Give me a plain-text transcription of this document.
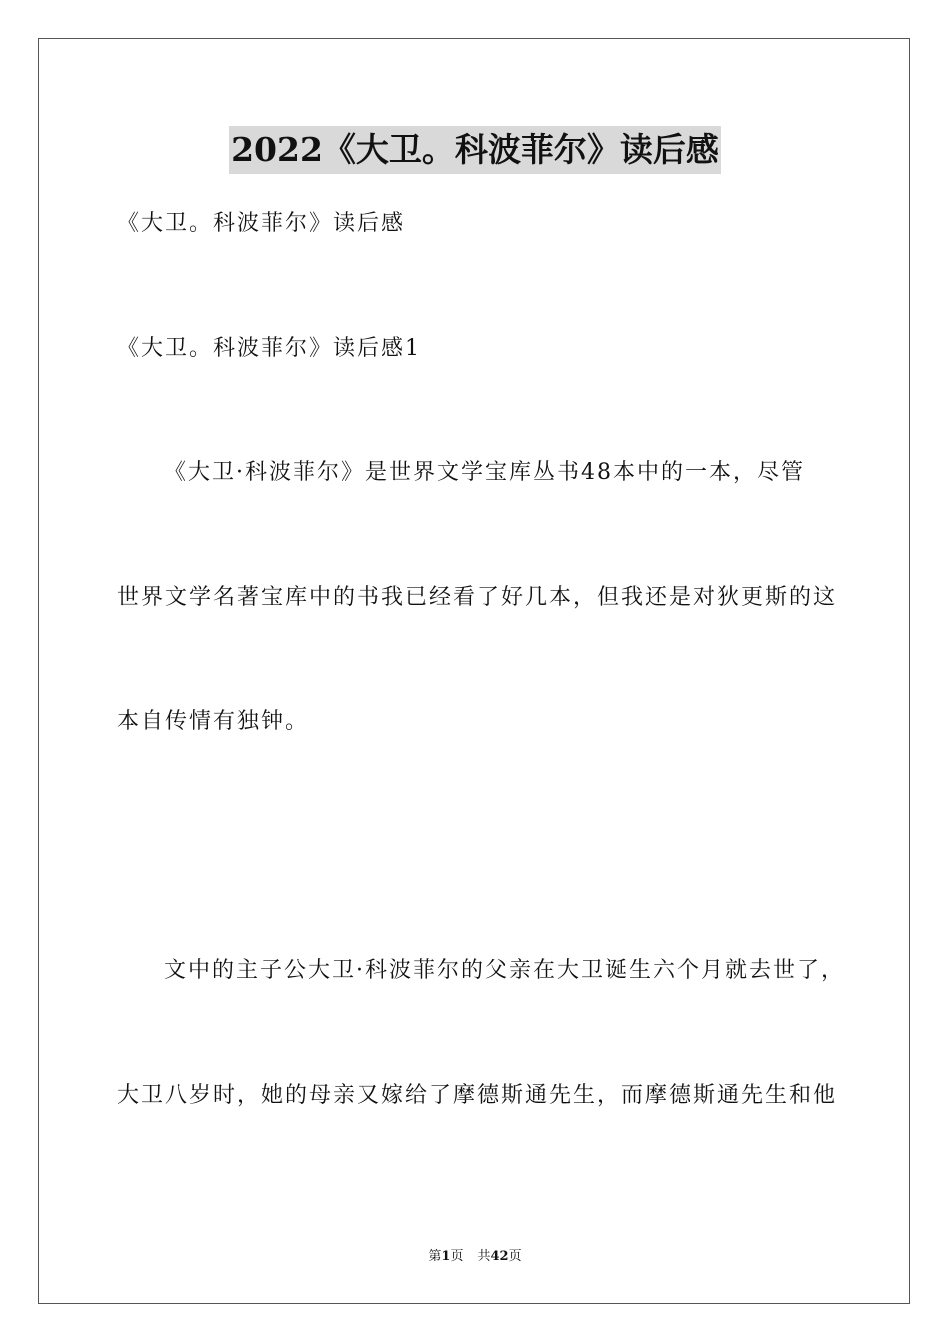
2022《大卫。科波菲尔》读后感
《大卫。科波菲尔》读后感
《大卫。科波菲尔》读后感1
《大卫·科波菲尔》是世界文学宝库丛书48本中的一本，尽管
世界文学名著宝库中的书我已经看了好几本，但我还是对狄更斯的这
本自传情有独钟。
文中的主子公大卫·科波菲尔的父亲在大卫诞生六个月就去世了，
大卫八岁时，她的母亲又嫁给了摩德斯通先生，而摩德斯通先生和他
第1页 共42页
